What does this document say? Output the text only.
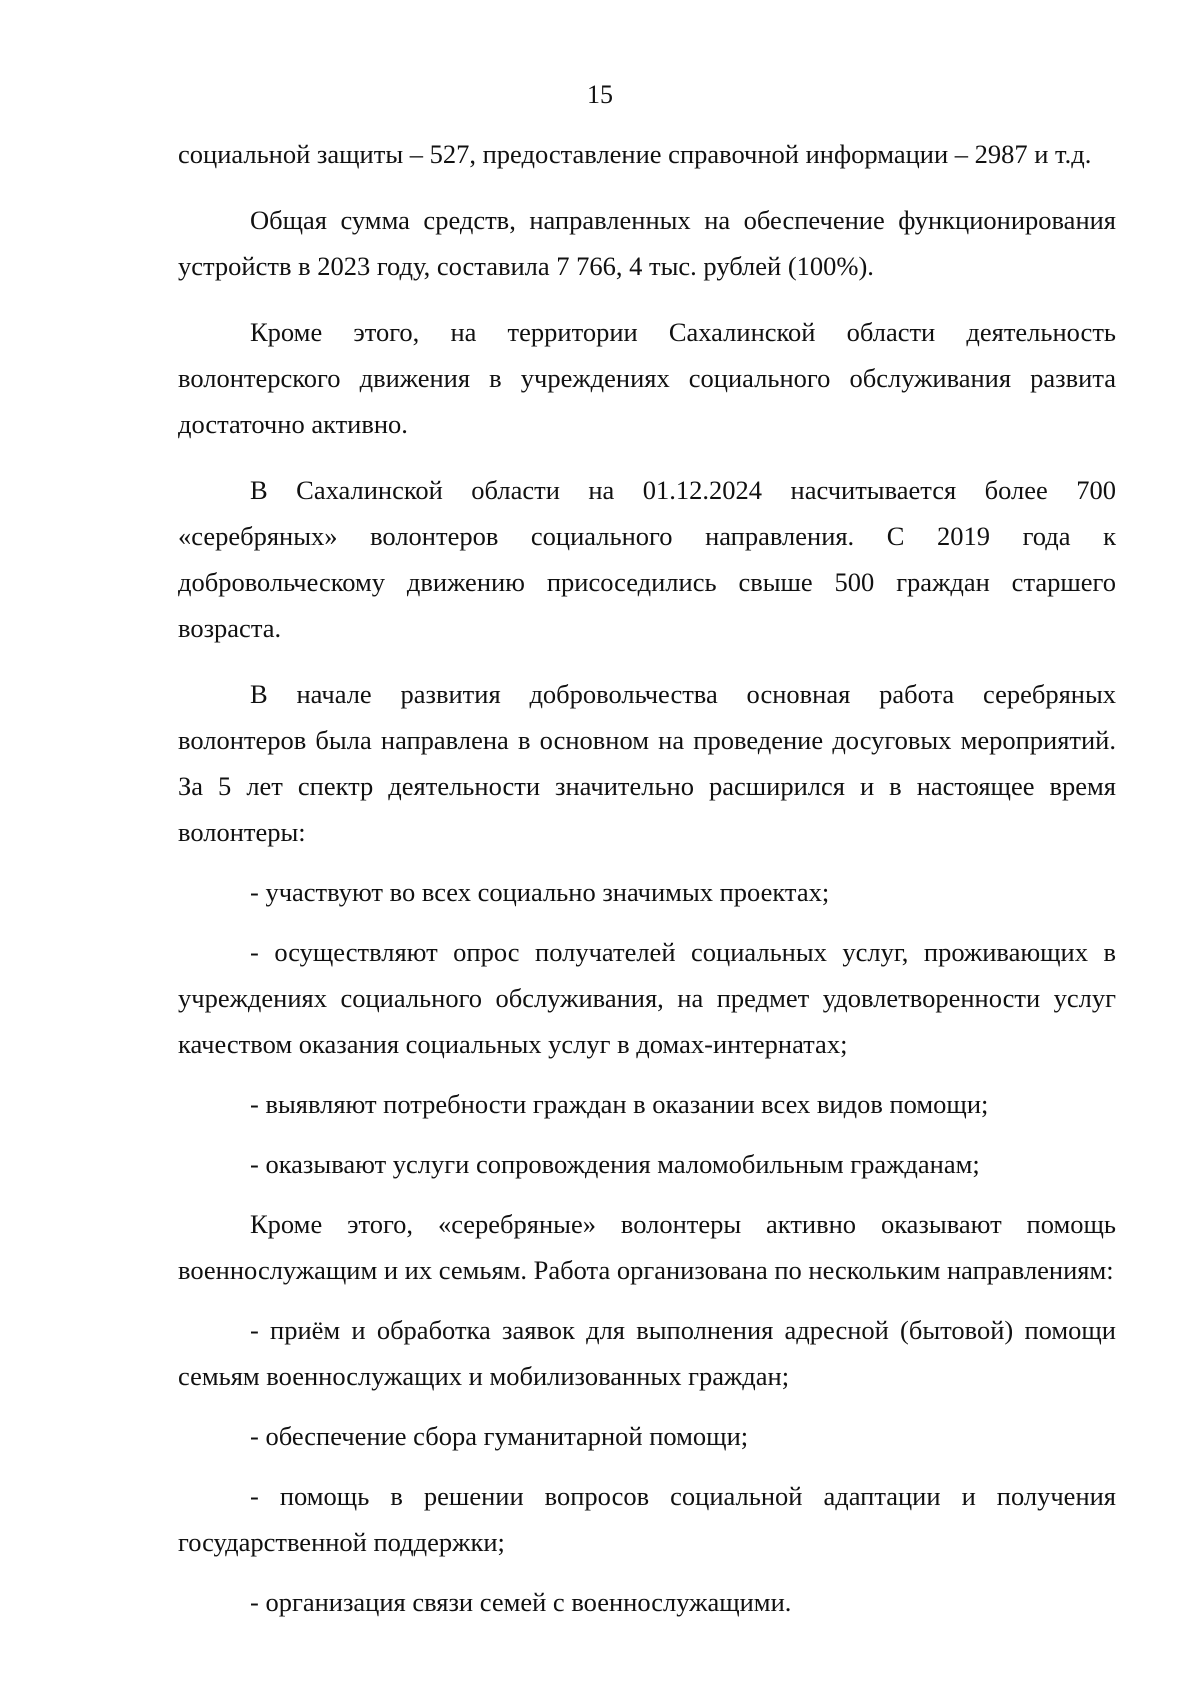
15

социальной защиты – 527, предоставление справочной информации – 2987 и т.д.

Общая сумма средств, направленных на обеспечение функционирования устройств в 2023 году, составила 7 766, 4 тыс. рублей (100%).

Кроме этого, на территории Сахалинской области деятельность волонтерского движения в учреждениях социального обслуживания развита достаточно активно.

В Сахалинской области на 01.12.2024 насчитывается более 700 «серебряных» волонтеров социального направления. С 2019 года к добровольческому движению присоседились свыше 500 граждан старшего возраста.

В начале развития добровольчества основная работа серебряных волонтеров была направлена в основном на проведение досуговых мероприятий. За 5 лет спектр деятельности значительно расширился и в настоящее время волонтеры:

- участвуют во всех социально значимых проектах;

- осуществляют опрос получателей социальных услуг, проживающих в учреждениях социального обслуживания, на предмет удовлетворенности услуг качеством оказания социальных услуг в домах-интернатах;

- выявляют потребности граждан в оказании всех видов помощи;

- оказывают услуги сопровождения маломобильным гражданам;

Кроме этого, «серебряные» волонтеры активно оказывают помощь военнослужащим и их семьям. Работа организована по нескольким направлениям:

- приём и обработка заявок для выполнения адресной (бытовой) помощи семьям военнослужащих и мобилизованных граждан;

- обеспечение сбора гуманитарной помощи;

- помощь в решении вопросов социальной адаптации и получения государственной поддержки;

- организация связи семей с военнослужащими.
